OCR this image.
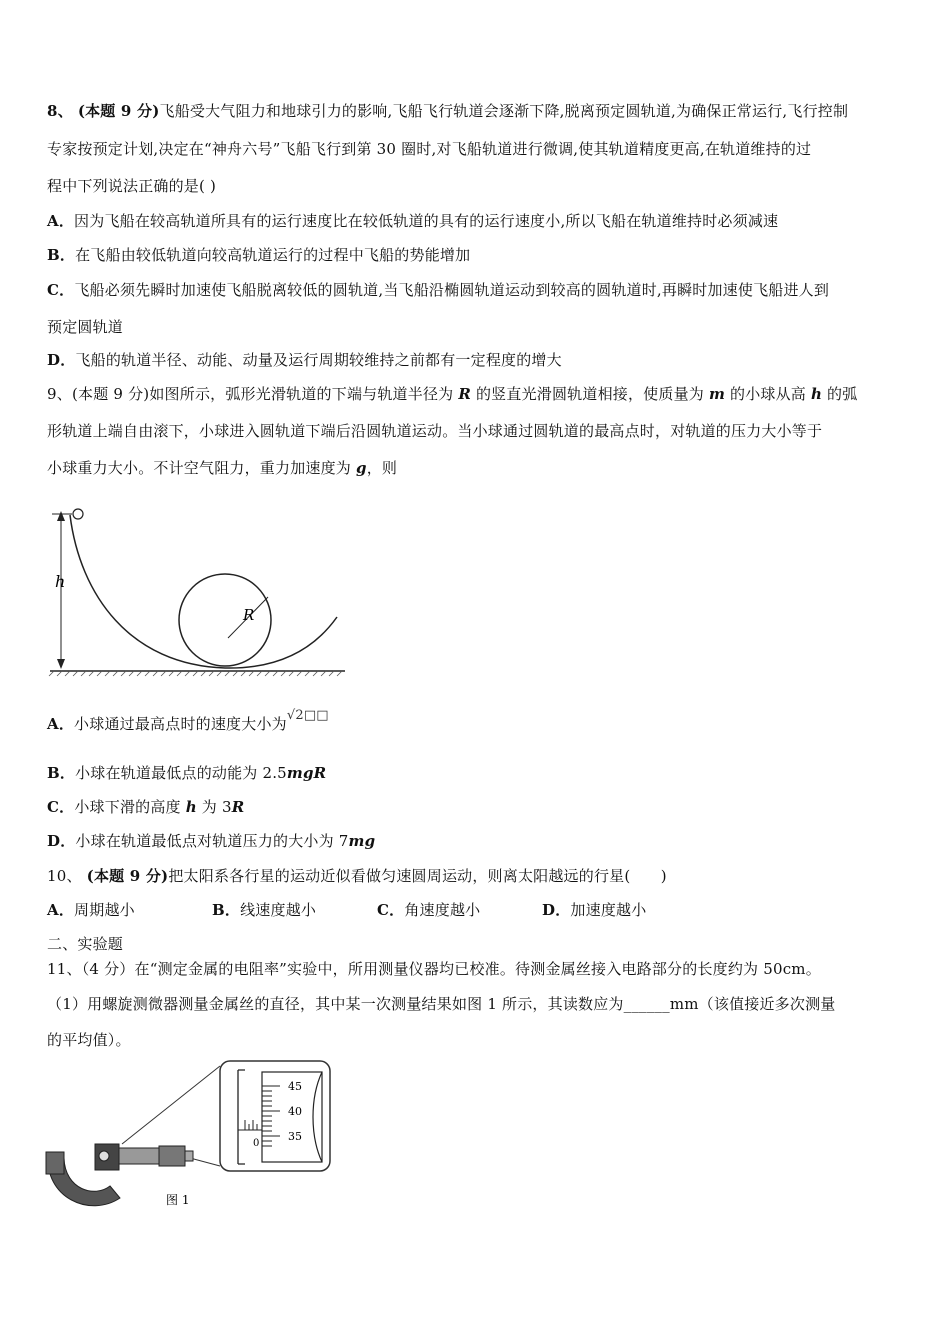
8、 (本题 9 分)飞船受大气阻力和地球引力的影响,飞船飞行轨道会逐渐下降,脱离预定圆轨道,为确保正常运行,飞行控制
专家按预定计划,决定在“神舟六号”飞船飞行到第 30 圈时,对飞船轨道进行微调,使其轨道精度更高,在轨道维持的过
程中下列说法正确的是( )
A．因为飞船在较高轨道所具有的运行速度比在较低轨道的具有的运行速度小,所以飞船在轨道维持时必须减速
B．在飞船由较低轨道向较高轨道运行的过程中飞船的势能增加
C．飞船必须先瞬时加速使飞船脱离较低的圆轨道,当飞船沿椭圆轨道运动到较高的圆轨道时,再瞬时加速使飞船进人到
预定圆轨道
D．飞船的轨道半径、动能、动量及运行周期较维持之前都有一定程度的增大
9、(本题 9 分)如图所示，弧形光滑轨道的下端与轨道半径为 R 的竖直光滑圆轨道相接，使质量为 m 的小球从高 h 的弧
形轨道上端自由滚下，小球进入圆轨道下端后沿圆轨道运动。当小球通过圆轨道的最高点时，对轨道的压力大小等于
小球重力大小。不计空气阻力，重力加速度为 g，则
h
R
A．小球通过最高点时的速度大小为√2□□
B．小球在轨道最低点的动能为 2.5mgR
C．小球下滑的高度 h 为 3R
D．小球在轨道最低点对轨道压力的大小为 7mg
10、 (本题 9 分)把太阳系各行星的运动近似看做匀速圆周运动，则离太阳越远的行星(　　)
A．周期越小	B．线速度越小	C．角速度越小	D．加速度越小
二、实验题
11、（4 分）在“测定金属的电阻率”实验中，所用测量仪器均已校准。待测金属丝接入电路部分的长度约为 50cm。
（1）用螺旋测微器测量金属丝的直径，其中某一次测量结果如图 1 所示，其读数应为______mm（该值接近多次测量
的平均值）。
0
45
40
35
图 1
